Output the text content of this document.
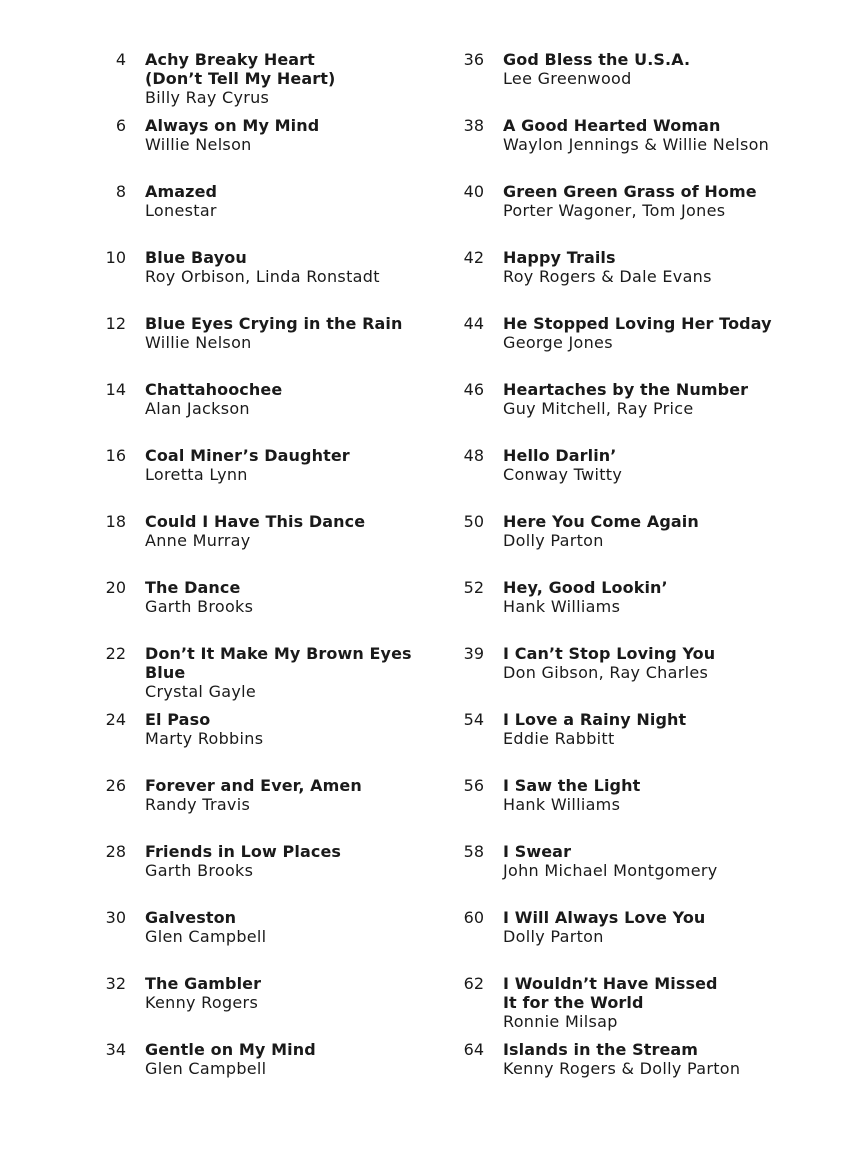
4 Achy Breaky Heart
(Don’t Tell My Heart)
Billy Ray Cyrus
6 Always on My Mind
Willie Nelson
8 Amazed
Lonestar
10 Blue Bayou
Roy Orbison, Linda Ronstadt
12 Blue Eyes Crying in the Rain
Willie Nelson
14 Chattahoochee
Alan Jackson
16 Coal Miner’s Daughter
Loretta Lynn
18 Could I Have This Dance
Anne Murray
20 The Dance
Garth Brooks
22 Don’t It Make My Brown Eyes Blue
Crystal Gayle
24 El Paso
Marty Robbins
26 Forever and Ever, Amen
Randy Travis
28 Friends in Low Places
Garth Brooks
30 Galveston
Glen Campbell
32 The Gambler
Kenny Rogers
34 Gentle on My Mind
Glen Campbell
36 God Bless the U.S.A.
Lee Greenwood
38 A Good Hearted Woman
Waylon Jennings & Willie Nelson
40 Green Green Grass of Home
Porter Wagoner, Tom Jones
42 Happy Trails
Roy Rogers & Dale Evans
44 He Stopped Loving Her Today
George Jones
46 Heartaches by the Number
Guy Mitchell, Ray Price
48 Hello Darlin’
Conway Twitty
50 Here You Come Again
Dolly Parton
52 Hey, Good Lookin’
Hank Williams
39 I Can’t Stop Loving You
Don Gibson, Ray Charles
54 I Love a Rainy Night
Eddie Rabbitt
56 I Saw the Light
Hank Williams
58 I Swear
John Michael Montgomery
60 I Will Always Love You
Dolly Parton
62 I Wouldn’t Have Missed
It for the World
Ronnie Milsap
64 Islands in the Stream
Kenny Rogers & Dolly Parton
